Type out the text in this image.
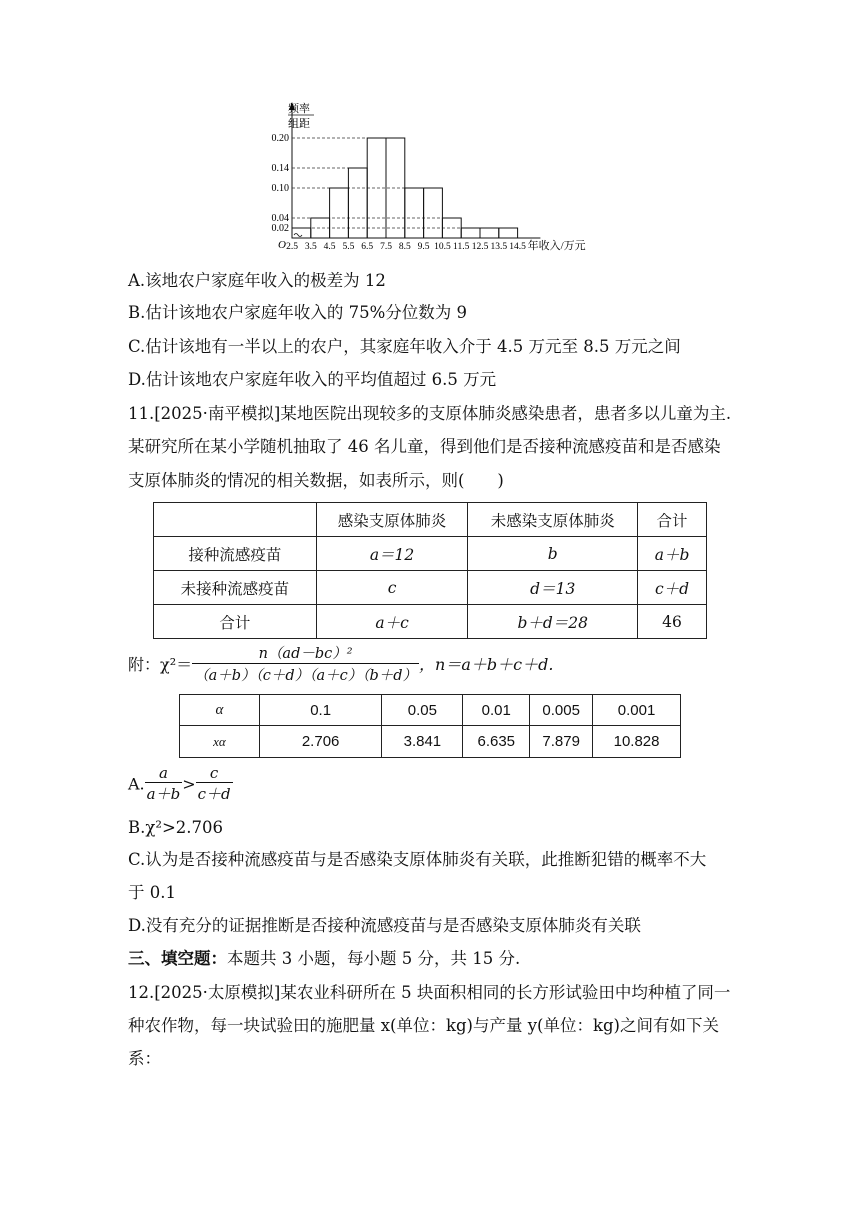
频率
组距
O
0.20
0.14
0.10
0.04
0.02
2.5 3.5 4.5 5.5 6.5 7.5 8.5 9.5 10.5 11.5 12.5 13.5 14.5 年收入/万元
A.该地农户家庭年收入的极差为 12
B.估计该地农户家庭年收入的 75%分位数为 9
C.估计该地有一半以上的农户，其家庭年收入介于 4.5 万元至 8.5 万元之间
D.估计该地农户家庭年收入的平均值超过 6.5 万元
11.[2025·南平模拟]某地医院出现较多的支原体肺炎感染患者，患者多以儿童为主.
某研究所在某小学随机抽取了 46 名儿童，得到他们是否接种流感疫苗和是否感染
支原体肺炎的情况的相关数据，如表所示，则(　　)
	感染支原体肺炎	未感染支原体肺炎	合计
接种流感疫苗	a＝12	b	a＋b
未接种流感疫苗	c	d＝13	c＋d
合计	a＋c	b＋d＝28	46
附：$\chi^2= \frac{\text{n（ad－bc）²}}{(a+b)(c+d)(a+c)(b+d)}$ ，n＝a＋b＋c＋d.
α	0.1	0.05	0.01	0.005	0.001
xα	2.706	3.841	6.635	7.879	10.828
A. $\frac{a}{a+b} > \frac{c}{c+d}$
B.χ²>2.706
C.认为是否接种流感疫苗与是否感染支原体肺炎有关联，此推断犯错的概率不大
于 0.1
D.没有充分的证据推断是否接种流感疫苗与是否感染支原体肺炎有关联
三、填空题：本题共 3 小题，每小题 5 分，共 15 分.
12.[2025·太原模拟]某农业科研所在 5 块面积相同的长方形试验田中均种植了同一
种农作物，每一块试验田的施肥量 x(单位：kg)与产量 y(单位：kg)之间有如下关
系：
